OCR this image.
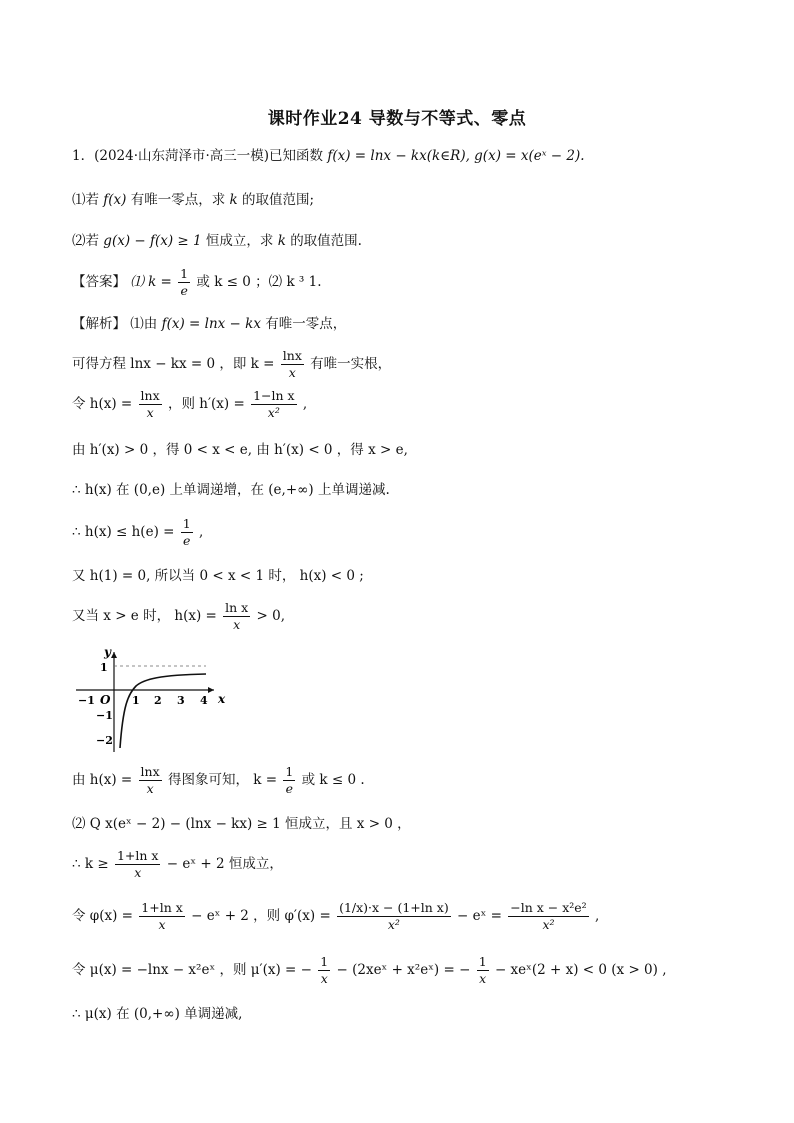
课时作业24 导数与不等式、零点
1．(2024·山东菏泽市·高三一模)已知函数 f(x) = lnx − kx(k∈R), g(x) = x(eˣ − 2).
⑴若 f(x) 有唯一零点，求 k 的取值范围;
⑵若 g(x) − f(x) ≥ 1 恒成立，求 k 的取值范围.
【答案】 ⑴ $k = \frac{1}{e}$ 或 k ≤ 0 ；⑵ k ³ 1.
【解析】 ⑴由 f(x) = lnx − kx 有唯一零点，
可得方程 lnx − kx = 0 ，即 $k = \frac{\ln x}{x}$ 有唯一实根，
令 $h(x) = \frac{\ln x}{x}$ ，则 $h'(x) = \frac{\text{1−ln x}}{\text{x²}}$ ,
由 h′(x) > 0 ，得 0 < x < e, 由 h′(x) < 0 ，得 x > e,
∴ h(x) 在 (0,e) 上单调递增，在 (e,+∞) 上单调递减.
∴ $h(x) \le h(e) = \frac{1}{e}$ ,
又 h(1) = 0, 所以当 0 < x < 1 时， h(x) < 0 ;
又当 x > e 时， $h(x) = \frac{\text{ln x}}{x} > 0$,
y
x
O
1
−1
−2
−1	1 2 3 4
由 $h(x) = \frac{\ln x}{x}$ 得图象可知， $k = \frac{1}{e}$ 或 k ≤ 0 .
⑵ Q x(eˣ − 2) − (lnx − kx) ≥ 1 恒成立，且 x > 0 ，
∴ $k \ge \frac{\text{1+ln x}}{x}$ − eˣ + 2 恒成立，
令 $\varphi(x) = \frac{\text{1+ln x}}{x}$ − eˣ + 2 ，则 $\varphi'(x) = \frac{\text{(1/x)·x − (1+ln x)}}{\text{x²}}$ − eˣ = $\frac{\text{−ln x − x²e²}}{\text{x²}}$ ,
令 μ(x) = −lnx − x²eˣ ，则 μ′(x) = − $\frac{1}{x}$ − (2xeˣ + x²eˣ) = − $\frac{1}{x}$ − xeˣ(2 + x) < 0 (x > 0) ,
∴ μ(x) 在 (0,+∞) 单调递减,
